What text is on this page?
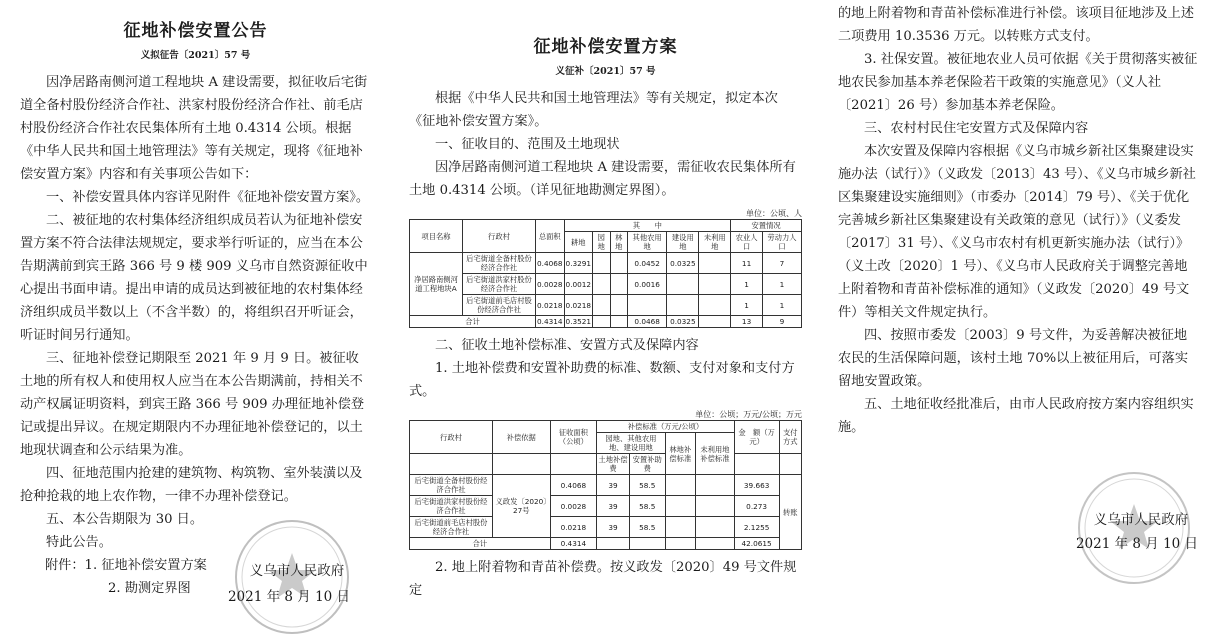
征地补偿安置公告
义拟征告〔2021〕57 号

因净居路南侧河道工程地块 A 建设需要，拟征收后宅街道全备村股份经济合作社、洪家村股份经济合作社、前毛店村股份经济合作社农民集体所有土地 0.4314 公顷。根据《中华人民共和国土地管理法》等有关规定，现将《征地补偿安置方案》内容和有关事项公告如下：

一、补偿安置具体内容详见附件《征地补偿安置方案》。

二、被征地的农村集体经济组织成员若认为征地补偿安置方案不符合法律法规规定，要求举行听证的，应当在本公告期满前到宾王路 366 号 9 楼 909 义乌市自然资源征收中心提出书面申请。提出申请的成员达到被征地的农村集体经济组织成员半数以上（不含半数）的，将组织召开听证会，听证时间另行通知。

三、征地补偿登记期限至 2021 年 9 月 9 日。被征收土地的所有权人和使用权人应当在本公告期满前，持相关不动产权属证明资料，到宾王路 366 号 909 办理征地补偿登记或提出异议。在规定期限内不办理征地补偿登记的，以土地现状调查和公示结果为准。

四、征地范围内抢建的建筑物、构筑物、室外装潢以及抢种抢栽的地上农作物，一律不办理补偿登记。

五、本公告期限为 30 日。

特此公告。

附件：1. 征地补偿安置方案

2. 勘测定界图

义乌市人民政府
2021 年 8 月 10 日
征地补偿安置方案
义征补〔2021〕57 号

根据《中华人民共和国土地管理法》等有关规定，拟定本次《征地补偿安置方案》。

一、征收目的、范围及土地现状

因净居路南侧河道工程地块 A 建设需要，需征收农民集体所有土地 0.4314 公顷。（详见征地勘测定界图）。

单位：公顷、人
项目名称	行政村	总面积	其　　中						安置情况	
			耕地	园地	林地	其他农用地	建设用地	未利用地	农业人口	劳动力人口
净居路南侧河道工程地块A	后宅街道全备村股份经济合作社	0.4068	0.3291			0.0452	0.0325		11	7
	后宅街道洪家村股份经济合作社	0.0028	0.0012			0.0016			1	1
	后宅街道前毛店村股份经济合作社	0.0218	0.0218						1	1
合计		0.4314	0.3521			0.0468	0.0325		13	9

二、征收土地补偿标准、安置方式及保障内容

1. 土地补偿费和安置补助费的标准、数额、支付对象和支付方式。

单位：公顷；万元/公顷；万元
行政村	补偿依据	征收面积（公顷）	补偿标准（万元/公顷）				金　额（万元）	支付方式
			园地、其他农用地、建设用地		林地补偿标准	未利用地补偿标准		
			土地补偿费	安置补助费				
后宅街道全备村股份经济合作社	义政发〔2020〕27号	0.4068	39	58.5			39.663	转账
后宅街道洪家村股份经济合作社		0.0028	39	58.5			0.273	
后宅街道前毛店村股份经济合作社		0.0218	39	58.5			2.1255	
合计		0.4314					42.0615	

2. 地上附着物和青苗补偿费。按义政发〔2020〕49 号文件规定

的地上附着物和青苗补偿标准进行补偿。该项目征地涉及上述二项费用 10.3536 万元。以转账方式支付。

3. 社保安置。被征地农业人员可依据《关于贯彻落实被征地农民参加基本养老保险若干政策的实施意见》（义人社〔2021〕26 号）参加基本养老保险。

三、农村村民住宅安置方式及保障内容

本次安置及保障内容根据《义乌市城乡新社区集聚建设实施办法（试行）》（义政发〔2013〕43 号）、《义乌市城乡新社区集聚建设实施细则》（市委办〔2014〕79 号）、《关于优化完善城乡新社区集聚建设有关政策的意见（试行）》（义委发〔2017〕31 号）、《义乌市农村有机更新实施办法（试行）》（义土改〔2020〕1 号）、《义乌市人民政府关于调整完善地上附着物和青苗补偿标准的通知》（义政发〔2020〕49 号文件）等相关文件规定执行。

四、按照市委发〔2003〕9 号文件，为妥善解决被征地农民的生活保障问题，该村土地 70%以上被征用后，可落实留地安置政策。

五、土地征收经批准后，由市人民政府按方案内容组织实施。

义乌市人民政府
2021 年 8 月 10 日
